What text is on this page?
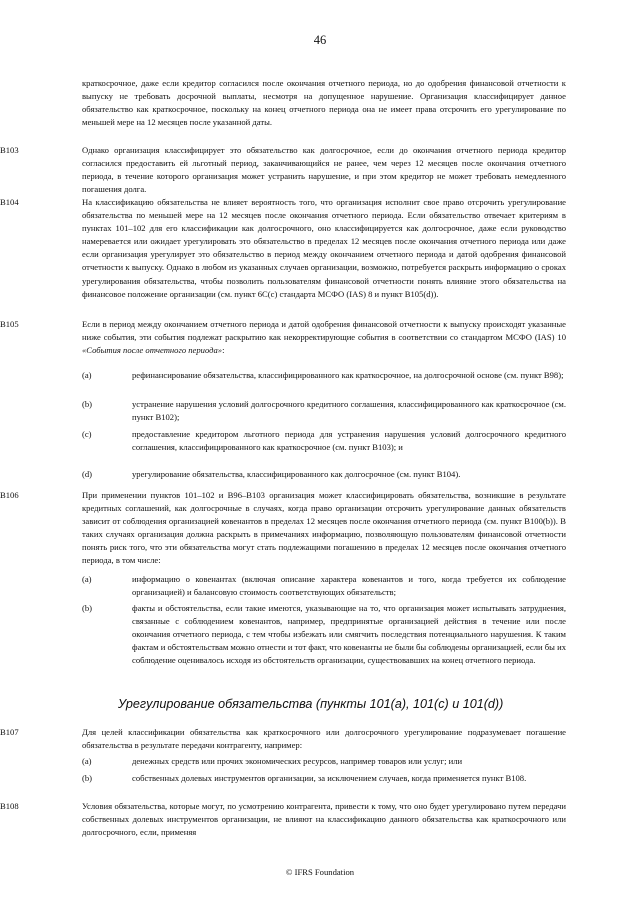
46

краткосрочное, даже если кредитор согласился после окончания отчетного периода, но до одобрения финансовой отчетности к выпуску не требовать досрочной выплаты, несмотря на допущенное нарушение. Организация классифицирует данное обязательство как краткосрочное, поскольку на конец отчетного периода она не имеет права отсрочить его урегулирование по меньшей мере на 12 месяцев после указанной даты.

B103	Однако организация классифицирует это обязательство как долгосрочное, если до окончания отчетного периода кредитор согласился предоставить ей льготный период, заканчивающийся не ранее, чем через 12 месяцев после окончания отчетного периода, в течение которого организация может устранить нарушение, и при этом кредитор не может требовать немедленного погашения долга.

B104	На классификацию обязательства не влияет вероятность того, что организация исполнит свое право отсрочить урегулирование обязательства по меньшей мере на 12 месяцев после окончания отчетного периода. Если обязательство отвечает критериям в пунктах 101–102 для его классификации как долгосрочного, оно классифицируется как долгосрочное, даже если руководство намеревается или ожидает урегулировать это обязательство в пределах 12 месяцев после окончания отчетного периода или даже если организация урегулирует это обязательство в период между окончанием отчетного периода и датой одобрения финансовой отчетности к выпуску. Однако в любом из указанных случаев организации, возможно, потребуется раскрыть информацию о сроках урегулирования обязательства, чтобы позволить пользователям финансовой отчетности понять влияние этого обязательства на финансовое положение организации (см. пункт 6С(с) стандарта МСФО (IAS) 8 и пункт B105(d)).

B105	Если в период между окончанием отчетного периода и датой одобрения финансовой отчетности к выпуску происходят указанные ниже события, эти события подлежат раскрытию как некорректирующие события в соответствии со стандартом МСФО (IAS) 10 «События после отчетного периода»:

(a)	рефинансирование обязательства, классифицированного как краткосрочное, на долгосрочной основе (см. пункт B98);

(b)	устранение нарушения условий долгосрочного кредитного соглашения, классифицированного как краткосрочное (см. пункт B102);

(c)	предоставление кредитором льготного периода для устранения нарушения условий долгосрочного кредитного соглашения, классифицированного как краткосрочное (см. пункт B103); и

(d)	урегулирование обязательства, классифицированного как долгосрочное (см. пункт B104).

B106	При применении пунктов 101–102 и B96–B103 организация может классифицировать обязательства, возникшие в результате кредитных соглашений, как долгосрочные в случаях, когда право организации отсрочить урегулирование данных обязательств зависит от соблюдения организацией ковенантов в пределах 12 месяцев после окончания отчетного периода (см. пункт B100(b)). В таких случаях организация должна раскрыть в примечаниях информацию, позволяющую пользователям финансовой отчетности понять риск того, что эти обязательства могут стать подлежащими погашению в пределах 12 месяцев после окончания отчетного периода, в том числе:

(a)	информацию о ковенантах (включая описание характера ковенантов и того, когда требуется их соблюдение организацией) и балансовую стоимость соответствующих обязательств;

(b)	факты и обстоятельства, если такие имеются, указывающие на то, что организация может испытывать затруднения, связанные с соблюдением ковенантов, например, предпринятые организацией действия в течение или после окончания отчетного периода, с тем чтобы избежать или смягчить последствия потенциального нарушения. К таким фактам и обстоятельствам можно отнести и тот факт, что ковенанты не были бы соблюдены организацией, если бы их соблюдение оценивалось исходя из обстоятельств организации, существовавших на конец отчетного периода.

Урегулирование обязательства (пункты 101(a), 101(c) и 101(d))
B107	Для целей классификации обязательства как краткосрочного или долгосрочного урегулирование подразумевает погашение обязательства в результате передачи контрагенту, например:

(a)	денежных средств или прочих экономических ресурсов, например товаров или услуг; или

(b)	собственных долевых инструментов организации, за исключением случаев, когда применяется пункт B108.

B108	Условия обязательства, которые могут, по усмотрению контрагента, привести к тому, что оно будет урегулировано путем передачи собственных долевых инструментов организации, не влияют на классификацию данного обязательства как краткосрочного или долгосрочного, если, применяя

© IFRS Foundation
